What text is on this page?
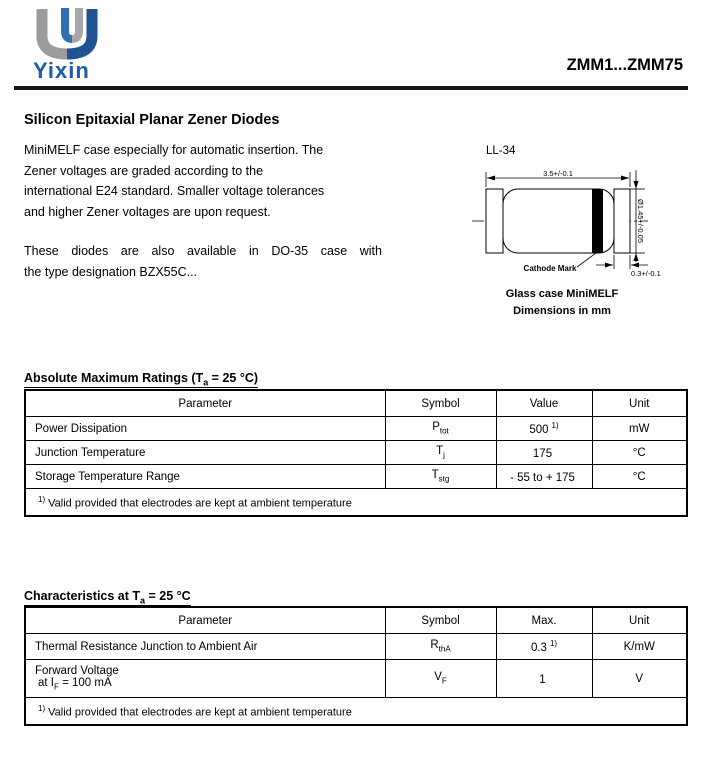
Yixin	ZMM1...ZMM75
Silicon Epitaxial Planar Zener Diodes
MiniMELF case especially for automatic insertion. The
Zener voltages are graded according to the
international E24 standard. Smaller voltage tolerances
and higher Zener voltages are upon request.
These diodes are also available in DO-35 case with
the type designation BZX55C...
LL-34
3.5+/-0.1
Ø1.45+/-0.05
0.3+/-0.1
Cathode Mark
Glass case MiniMELF
Dimensions in mm
Absolute Maximum Ratings ($T_a = 25$ °C)
Parameter	Symbol	Value	Unit
Power Dissipation	$P_{tot}$	500 $^{1)}$	mW
Junction Temperature	$T_j$	175	°C
Storage Temperature Range	$T_{stg}$	- 55 to + 175	°C
$^{1)}$ Valid provided that electrodes are kept at ambient temperature			
Characteristics at $T_a = 25$ °C
Parameter	Symbol	Max.	Unit
Thermal Resistance Junction to Ambient Air	$R_{thA}$	0.3 $^{1)}$	K/mW

Forward Voltage
at $I_F = 100$ mA	$V_F$	1	V
$^{1)}$ Valid provided that electrodes are kept at ambient temperature			
